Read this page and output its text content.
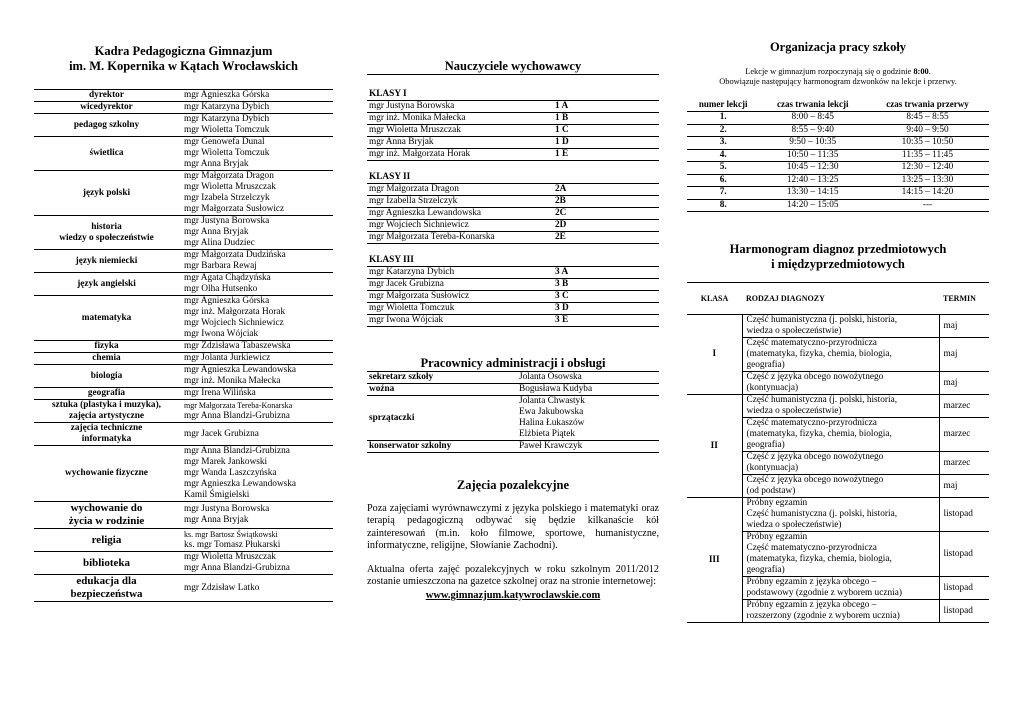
Kadra Pedagogiczna Gimnazjum
im. M. Kopernika w Kątach Wrocławskich
dyrektor	mgr Agnieszka Górska

wicedyrektor	mgr Katarzyna Dybich

pedagog szkolny	mgr Katarzyna Dybich
mgr Wioletta Tomczuk

świetlica	mgr Genowefa Dunal
mgr Wioletta Tomczuk
mgr Anna Bryjak

język polski	mgr Małgorzata Dragon
mgr Wioletta Mruszczak
mgr Izabela Strzelczyk
mgr Małgorzata Susłowicz

historia
wiedzy o społeczeństwie	mgr Justyna Borowska
mgr Anna Bryjak
mgr Alina Dudziec

język niemiecki	mgr Małgorzata Dudzińska
mgr Barbara Rewaj

język angielski	mgr Agata Chądzyńska
mgr Olha Hutsenko

matematyka	mgr Agnieszka Górska
mgr inż. Małgorzata Horak
mgr Wojciech Sichniewicz
mgr Iwona Wójciak

fizyka	mgr Zdzisława Tabaszewska

chemia	mgr Jolanta Jurkiewicz

biologia	mgr Agnieszka Lewandowska
mgr inż. Monika Małecka

geografia	mgr Irena Wilińska

sztuka (plastyka i muzyka),
zajęcia artystyczne	mgr Małgorzata Tereba-Konarska
mgr Anna Blandzi-Grubizna

zajęcia techniczne
informatyka	mgr Jacek Grubizna

wychowanie fizyczne	mgr Anna Blandzi-Grubizna
mgr Marek Jankowski
mgr Wanda Laszczyńska
mgr Agnieszka Lewandowska
Kamil Śmigielski

wychowanie do
życia w rodzinie	mgr Justyna Borowska
mgr Anna Bryjak

religia	ks. mgr Bartosz Świątkowski
ks. mgr Tomasz Płukarski

biblioteka	mgr Wioletta Mruszczak
mgr Anna Blandzi-Grubizna

edukacja dla
bezpieczeństwa	mgr Zdzisław Latko
Nauczyciele wychowawcy
KLASY I
mgr Justyna Borowska	1 A
mgr inż. Monika Małecka	1 B
mgr Wioletta Mruszczak	1 C
mgr Anna Bryjak	1 D
mgr inż. Małgorzata Horak	1 E
KLASY II
mgr Małgorzata Dragon	2A
mgr Izabella Strzelczyk	2B
mgr Agnieszka Lewandowska	2C
mgr Wojciech Sichniewicz	2D
mgr Małgorzata Tereba-Konarska	2E
KLASY III
mgr Katarzyna Dybich	3 A
mgr Jacek Grubizna	3 B
mgr Małgorzata Susłowicz	3 C
mgr Wioletta Tomczuk	3 D
mgr Iwona Wójciak	3 E
Pracownicy administracji i obsługi
sekretarz szkoły	Jolanta Osowska

woźna	Bogusława Kudyba

sprzątaczki	Jolanta Chwastyk
Ewa Jakubowska
Halina Łukaszów
Elżbieta Piątek

konserwator szkolny	Paweł Krawczyk
Zajęcia pozalekcyjne

Poza zajęciami wyrównawczymi z języka polskiego i matematyki oraz terapią pedagogiczną odbywać się będzie kilkanaście kół zainteresowań (m.in. koło filmowe, sportowe, humanistyczne, informatyczne, religijne, Słowianie Zachodni).

Aktualna oferta zajęć pozalekcyjnych w roku szkolnym 2011/2012 zostanie umieszczona na gazetce szkolnej oraz na stronie internetowej:

www.gimnazjum.katywroclawskie.com

Organizacja pracy szkoły

Lekcje w gimnazjum rozpoczynają się o godzinie 8:00.

Obowiązuje następujący harmonogram dzwonków na lekcje i przerwy.

numer lekcji	czas trwania lekcji	czas trwania przerwy
1.	8:00 – 8:45	8:45 – 8:55
2.	8:55 – 9:40	9:40 – 9:50
3.	9:50 – 10:35	10:35 – 10:50
4.	10:50 – 11:35	11:35 – 11:45
5.	10:45 – 12:30	12:30 – 12:40
6.	12:40 – 13:25	13:25 – 13:30
7.	13:30 – 14:15	14:15 – 14:20
8.	14:20 – 15:05	---
Harmonogram diagnoz przedmiotowych
i międzyprzedmiotowych
KLASA	RODZAJ DIAGNOZY	TERMIN
I	Część humanistyczna (j. polski, historia,
wiedza o społeczeństwie)	maj

	Część matematyczno-przyrodnicza
(matematyka, fizyka, chemia, biologia,
geografia)	maj

	Część z języka obcego nowożytnego
(kontynuacja)	maj
II	Część humanistyczna (j. polski, historia,
wiedza o społeczeństwie)	marzec

	Część matematyczno-przyrodnicza
(matematyka, fizyka, chemia, biologia,
geografia)	marzec

	Część z języka obcego nowożytnego
(kontynuacja)	marzec

	Część z języka obcego nowożytnego
(od podstaw)	maj
III	Próbny egzamin
Część humanistyczna (j. polski, historia,
wiedza o społeczeństwie)	listopad

	Próbny egzamin
Część matematyczno-przyrodnicza
(matematyka, fizyka, chemia, biologia,
geografia)	listopad

	Próbny egzamin z języka obcego –
podstawowy (zgodnie z wyborem ucznia)	listopad

	Próbny egzamin z języka obcego –
rozszerzony (zgodnie z wyborem ucznia)	listopad
